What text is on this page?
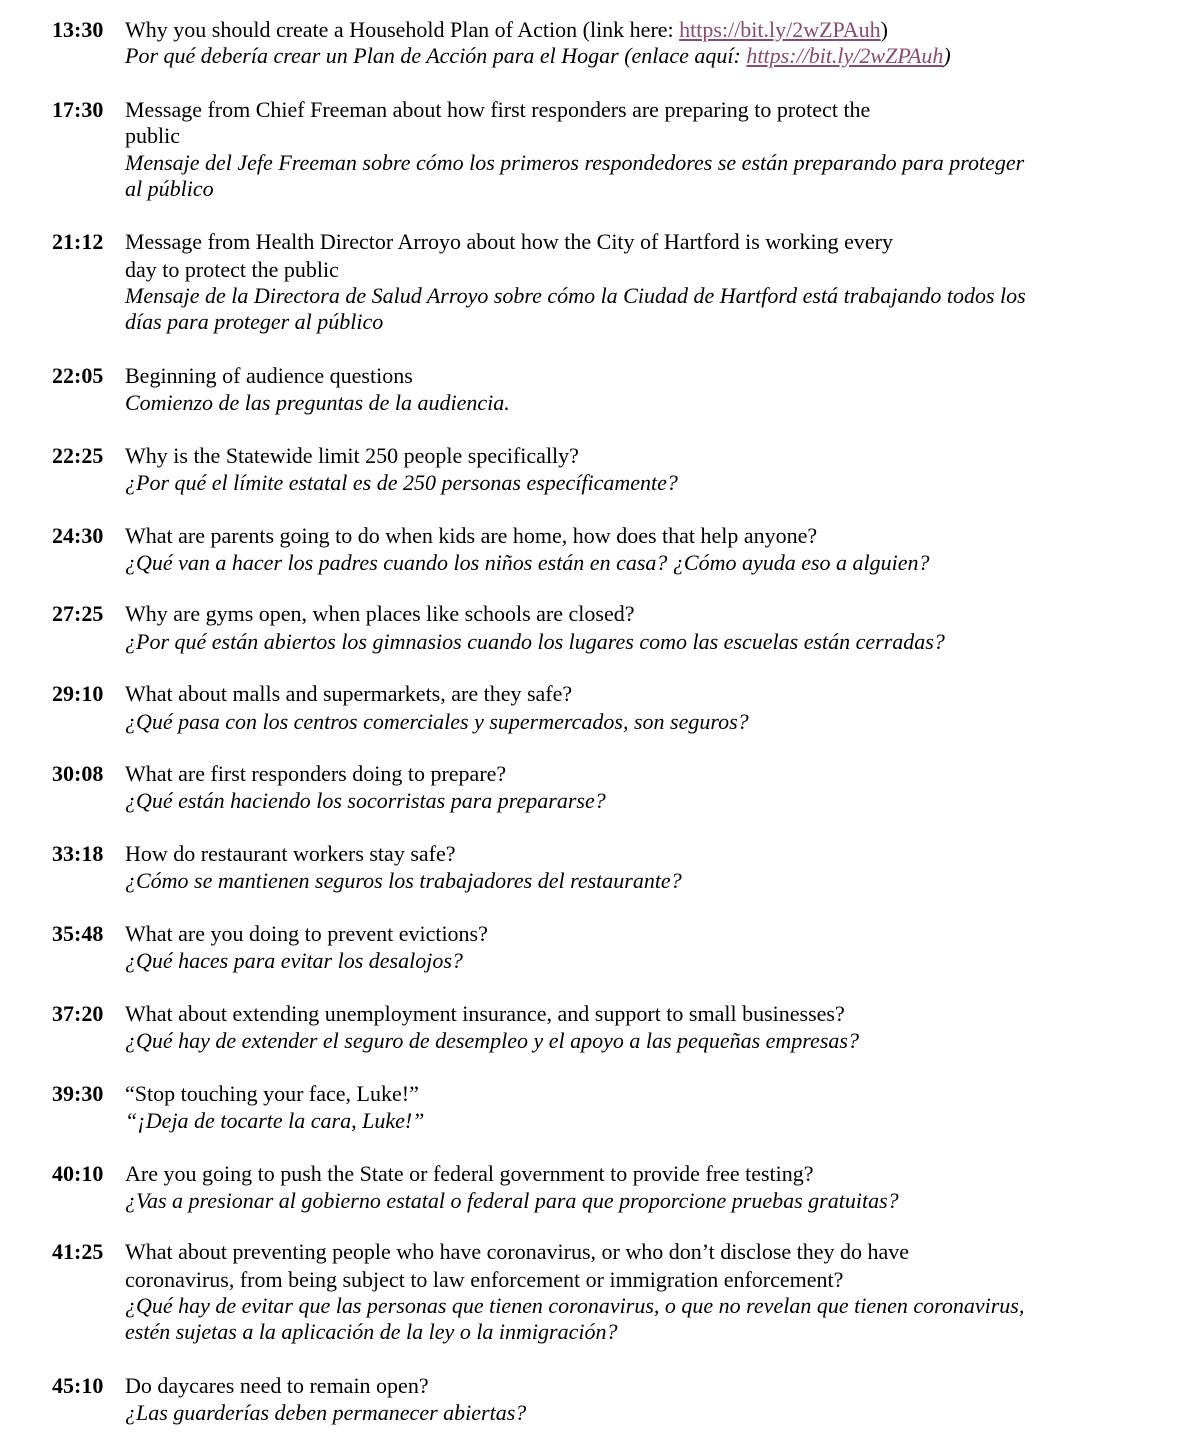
13:30 Why you should create a Household Plan of Action (link here: https://bit.ly/2wZPAuh)
Por qué debería crear un Plan de Acción para el Hogar (enlace aquí: https://bit.ly/2wZPAuh)
17:30 Message from Chief Freeman about how first responders are preparing to protect the
public
Mensaje del Jefe Freeman sobre cómo los primeros respondedores se están preparando para proteger
al público
21:12 Message from Health Director Arroyo about how the City of Hartford is working every
day to protect the public
Mensaje de la Directora de Salud Arroyo sobre cómo la Ciudad de Hartford está trabajando todos los
días para proteger al público
22:05 Beginning of audience questions
Comienzo de las preguntas de la audiencia.
22:25 Why is the Statewide limit 250 people specifically?
¿Por qué el límite estatal es de 250 personas específicamente?
24:30 What are parents going to do when kids are home, how does that help anyone?
¿Qué van a hacer los padres cuando los niños están en casa? ¿Cómo ayuda eso a alguien?
27:25 Why are gyms open, when places like schools are closed?
¿Por qué están abiertos los gimnasios cuando los lugares como las escuelas están cerradas?
29:10 What about malls and supermarkets, are they safe?
¿Qué pasa con los centros comerciales y supermercados, son seguros?
30:08 What are first responders doing to prepare?
¿Qué están haciendo los socorristas para prepararse?
33:18 How do restaurant workers stay safe?
¿Cómo se mantienen seguros los trabajadores del restaurante?
35:48 What are you doing to prevent evictions?
¿Qué haces para evitar los desalojos?
37:20 What about extending unemployment insurance, and support to small businesses?
¿Qué hay de extender el seguro de desempleo y el apoyo a las pequeñas empresas?
39:30 “Stop touching your face, Luke!”
“¡Deja de tocarte la cara, Luke!”
40:10 Are you going to push the State or federal government to provide free testing?
¿Vas a presionar al gobierno estatal o federal para que proporcione pruebas gratuitas?
41:25 What about preventing people who have coronavirus, or who don’t disclose they do have
coronavirus, from being subject to law enforcement or immigration enforcement?
¿Qué hay de evitar que las personas que tienen coronavirus, o que no revelan que tienen coronavirus,
estén sujetas a la aplicación de la ley o la inmigración?
45:10 Do daycares need to remain open?
¿Las guarderías deben permanecer abiertas?
